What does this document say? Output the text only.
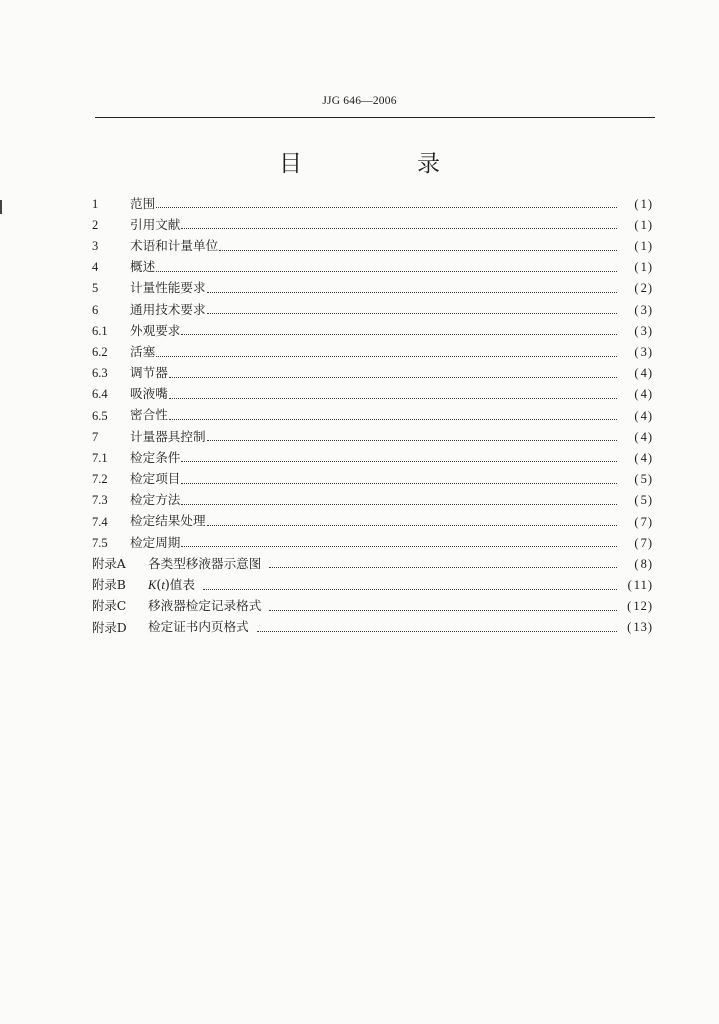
JJG 646—2006
目　录
1	范围	(1)
2	引用文献	(1)
3	术语和计量单位	(1)
4	概述	(1)
5	计量性能要求	(2)
6	通用技术要求	(3)
6.1	外观要求	(3)
6.2	活塞	(3)
6.3	调节器	(4)
6.4	吸液嘴	(4)
6.5	密合性	(4)
7	计量器具控制	(4)
7.1	检定条件	(4)
7.2	检定项目	(5)
7.3	检定方法	(5)
7.4	检定结果处理	(7)
7.5	检定周期	(7)
附录A	各类型移液器示意图	(8)
附录B	K(t)值表	(11)
附录C	移液器检定记录格式	(12)
附录D	检定证书内页格式	(13)
